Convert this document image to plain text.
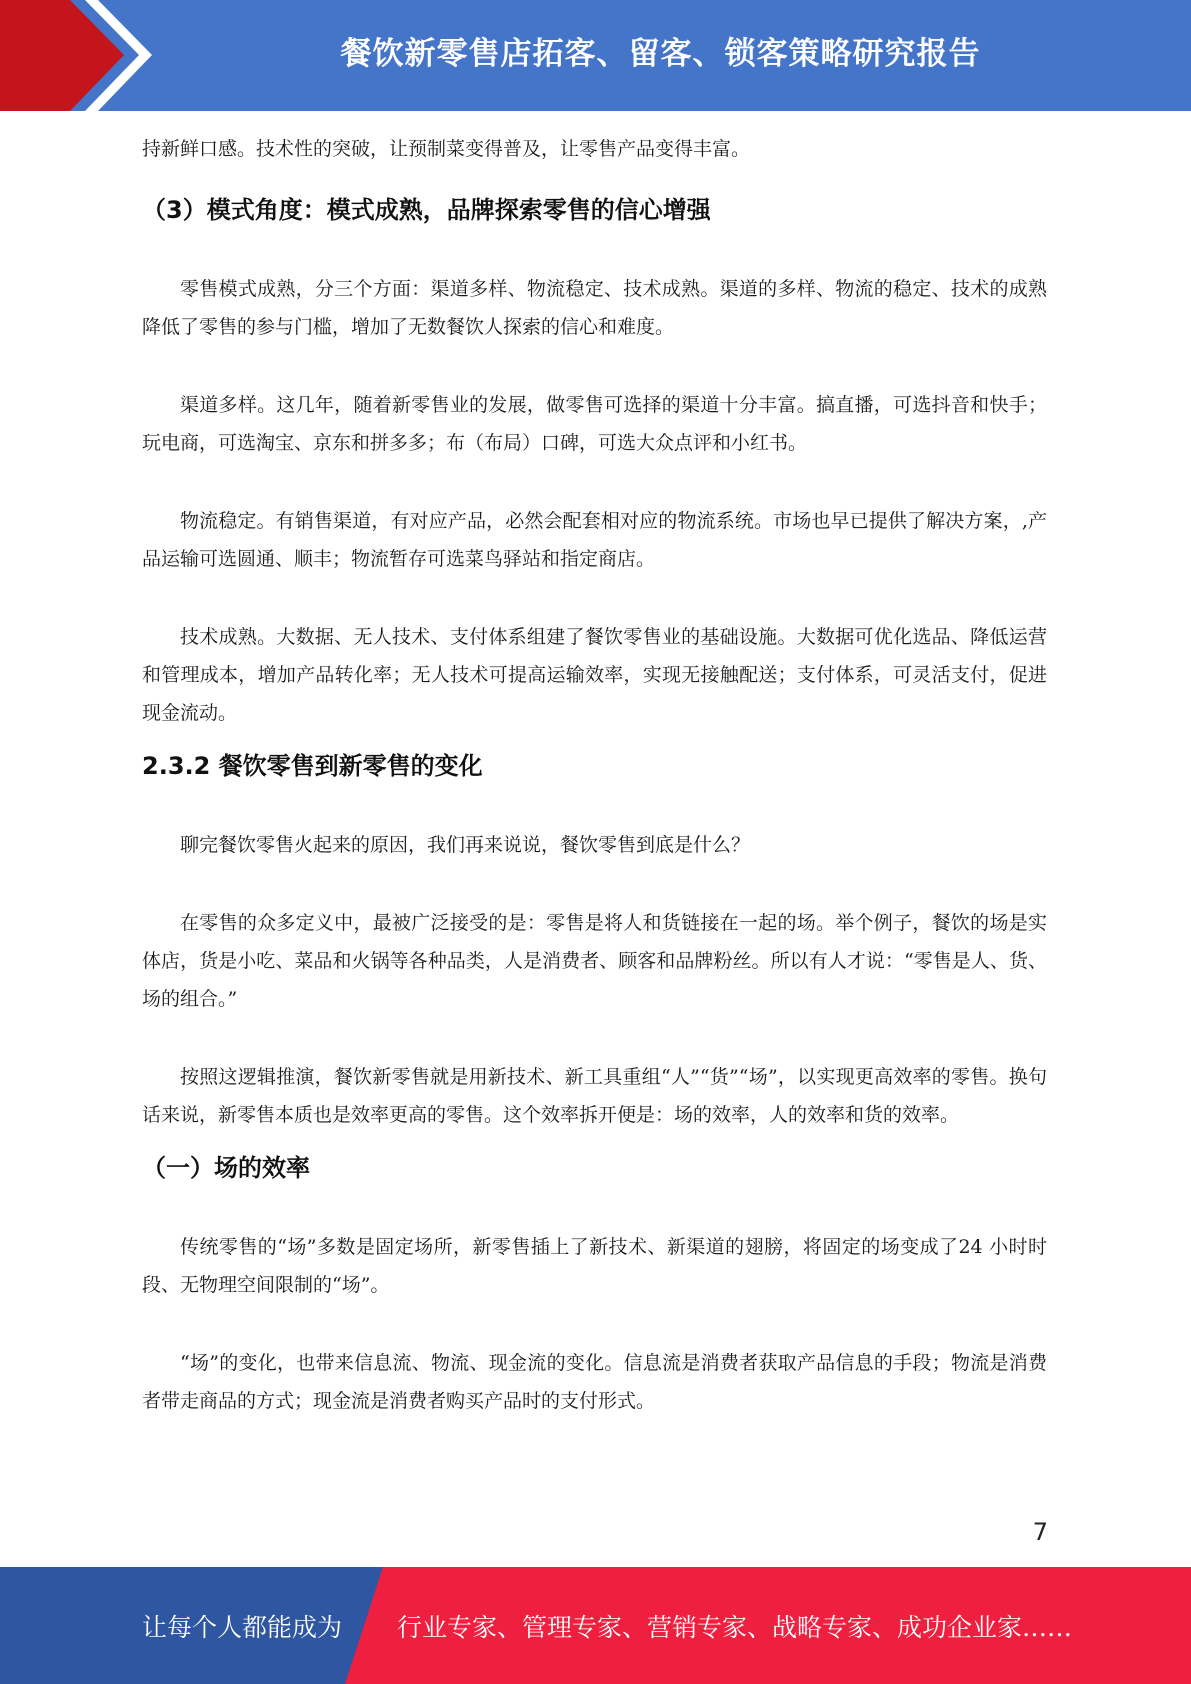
餐饮新零售店拓客、留客、锁客策略研究报告

持新鲜口感。技术性的突破，让预制菜变得普及，让零售产品变得丰富。

（3）模式角度：模式成熟，品牌探索零售的信心增强

零售模式成熟，分三个方面：渠道多样、物流稳定、技术成熟。渠道的多样、物流的稳定、技术的成熟降低了零售的参与门槛，增加了无数餐饮人探索的信心和难度。

渠道多样。这几年，随着新零售业的发展，做零售可选择的渠道十分丰富。搞直播，可选抖音和快手；玩电商，可选淘宝、京东和拼多多；布（布局）口碑，可选大众点评和小红书。

物流稳定。有销售渠道，有对应产品，必然会配套相对应的物流系统。市场也早已提供了解决方案，,产品运输可选圆通、顺丰；物流暂存可选菜鸟驿站和指定商店。

技术成熟。大数据、无人技术、支付体系组建了餐饮零售业的基础设施。大数据可优化选品、降低运营和管理成本，增加产品转化率；无人技术可提高运输效率，实现无接触配送；支付体系，可灵活支付，促进现金流动。

2.3.2 餐饮零售到新零售的变化

聊完餐饮零售火起来的原因，我们再来说说，餐饮零售到底是什么？

在零售的众多定义中，最被广泛接受的是：零售是将人和货链接在一起的场。举个例子，餐饮的场是实体店，货是小吃、菜品和火锅等各种品类，人是消费者、顾客和品牌粉丝。所以有人才说：“零售是人、货、场的组合。”

按照这逻辑推演，餐饮新零售就是用新技术、新工具重组“人”“货”“场”，以实现更高效率的零售。换句话来说，新零售本质也是效率更高的零售。这个效率拆开便是：场的效率，人的效率和货的效率。

（一）场的效率

传统零售的“场”多数是固定场所，新零售插上了新技术、新渠道的翅膀，将固定的场变成了24 小时时段、无物理空间限制的“场”。

“场”的变化，也带来信息流、物流、现金流的变化。信息流是消费者获取产品信息的手段；物流是消费者带走商品的方式；现金流是消费者购买产品时的支付形式。

7
让每个人都能成为 行业专家、管理专家、营销专家、战略专家、成功企业家……
